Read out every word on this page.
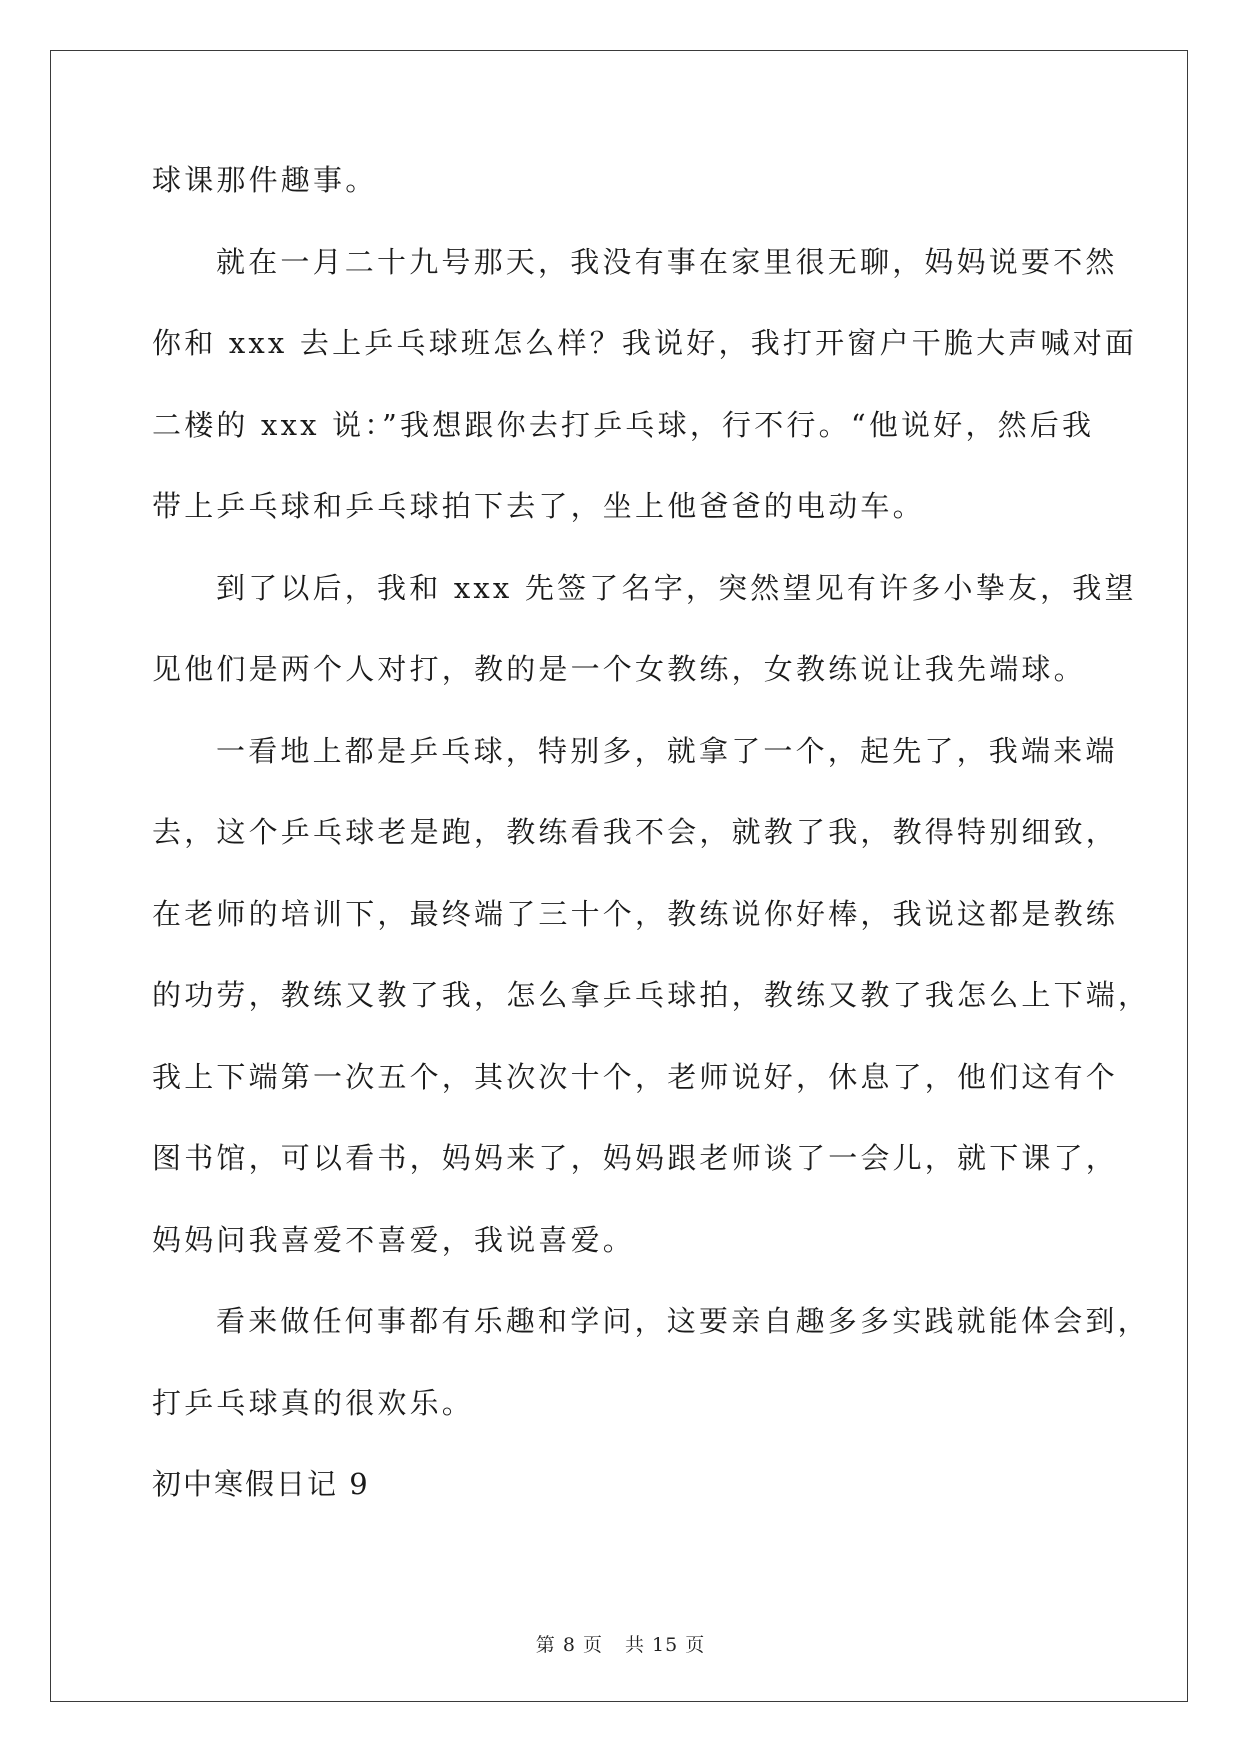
球课那件趣事。
就在一月二十九号那天，我没有事在家里很无聊，妈妈说要不然
你和 xxx 去上乒乓球班怎么样？我说好，我打开窗户干脆大声喊对面
二楼的 xxx 说：”我想跟你去打乒乓球，行不行。“他说好，然后我
带上乒乓球和乒乓球拍下去了，坐上他爸爸的电动车。
到了以后，我和 xxx 先签了名字，突然望见有许多小挚友，我望
见他们是两个人对打，教的是一个女教练，女教练说让我先端球。
一看地上都是乒乓球，特别多，就拿了一个，起先了，我端来端
去，这个乒乓球老是跑，教练看我不会，就教了我，教得特别细致，
在老师的培训下，最终端了三十个，教练说你好棒，我说这都是教练
的功劳，教练又教了我，怎么拿乒乓球拍，教练又教了我怎么上下端，
我上下端第一次五个，其次次十个，老师说好，休息了，他们这有个
图书馆，可以看书，妈妈来了，妈妈跟老师谈了一会儿，就下课了，
妈妈问我喜爱不喜爱，我说喜爱。
看来做任何事都有乐趣和学问，这要亲自趣多多实践就能体会到，
打乒乓球真的很欢乐。
初中寒假日记 9
第 8 页 共 15 页
